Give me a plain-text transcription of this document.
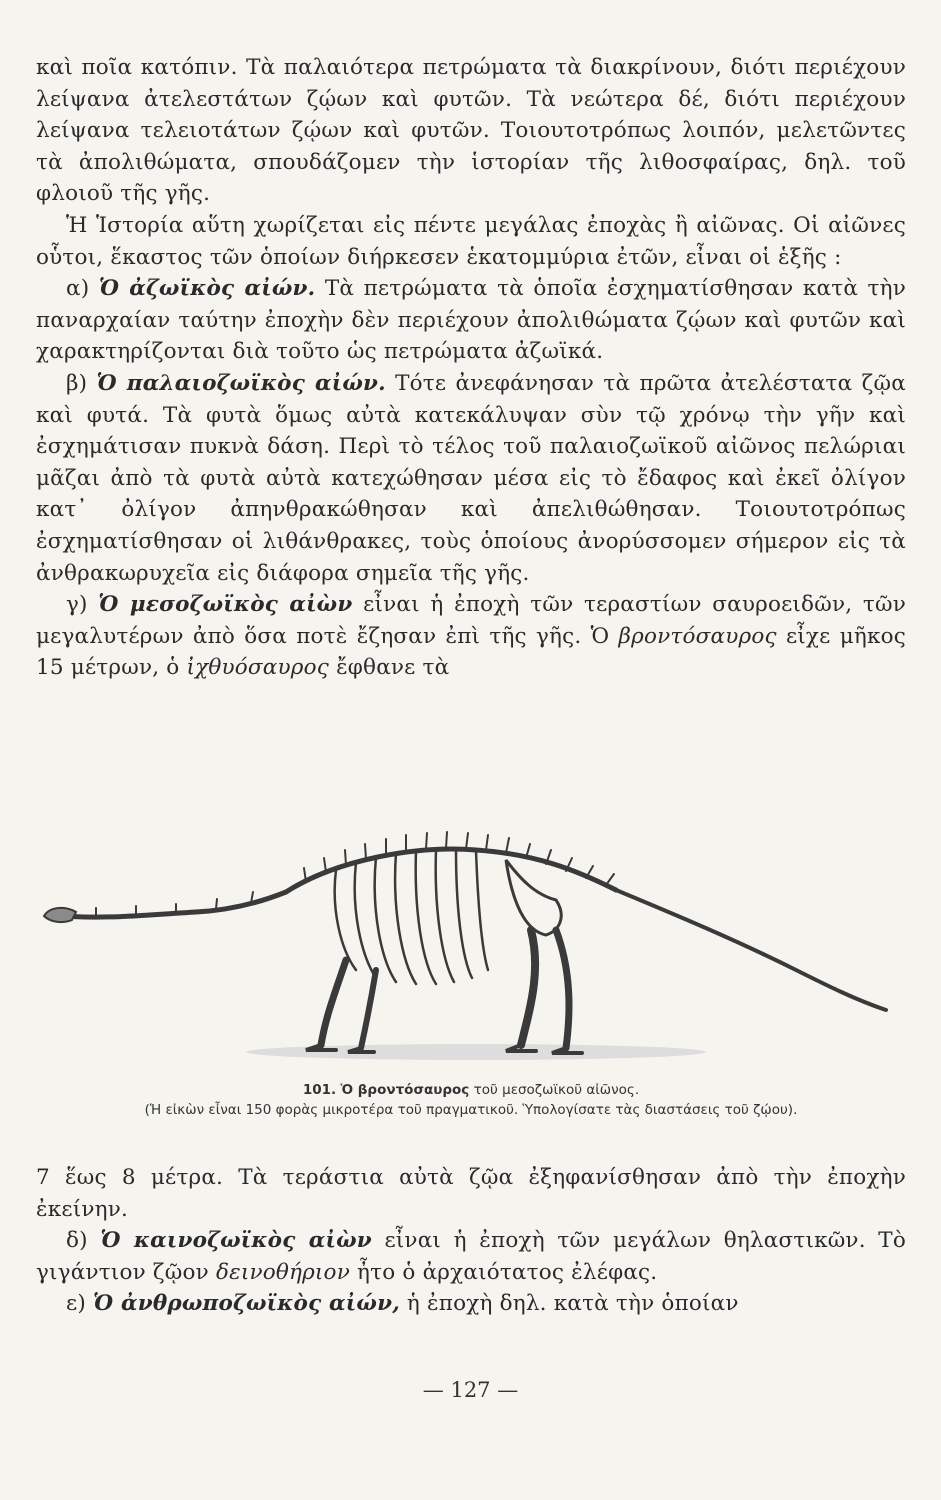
καὶ ποῖα κατόπιν. Τὰ παλαιότερα πετρώματα τὰ διακρίνουν, διότι περιέχουν λείψανα ἀτελεστάτων ζῴων καὶ φυτῶν. Τὰ νεώτερα δέ, διότι περιέχουν λείψανα τελειοτάτων ζῴων καὶ φυτῶν. Τοιουτοτρόπως λοιπόν, μελετῶντες τὰ ἀπολιθώματα, σπουδάζομεν τὴν ἱστορίαν τῆς λιθοσφαίρας, δηλ. τοῦ φλοιοῦ τῆς γῆς.

Ἡ Ἱστορία αὕτη χωρίζεται εἰς πέντε μεγάλας ἐποχὰς ἢ αἰῶνας. Οἱ αἰῶνες οὗτοι, ἕκαστος τῶν ὁποίων διήρκεσεν ἑκατομμύρια ἐτῶν, εἶναι οἱ ἑξῆς :

α) Ὁ ἀζωϊκὸς αἰών. Τὰ πετρώματα τὰ ὁποῖα ἐσχηματίσθησαν κατὰ τὴν παναρχαίαν ταύτην ἐποχὴν δὲν περιέχουν ἀπολιθώματα ζῴων καὶ φυτῶν καὶ χαρακτηρίζονται διὰ τοῦτο ὡς πετρώματα ἀζωϊκά.

β) Ὁ παλαιοζωϊκὸς αἰών. Τότε ἀνεφάνησαν τὰ πρῶτα ἀτελέστατα ζῷα καὶ φυτά. Τὰ φυτὰ ὅμως αὐτὰ κατεκάλυψαν σὺν τῷ χρόνῳ τὴν γῆν καὶ ἐσχημάτισαν πυκνὰ δάση. Περὶ τὸ τέλος τοῦ παλαιοζωϊκοῦ αἰῶνος πελώριαι μᾶζαι ἀπὸ τὰ φυτὰ αὐτὰ κατεχώθησαν μέσα εἰς τὸ ἔδαφος καὶ ἐκεῖ ὀλίγον κατ᾿ ὀλίγον ἀπηνθρακώθησαν καὶ ἀπελιθώθησαν. Τοιουτοτρόπως ἐσχηματίσθησαν οἱ λιθάνθρακες, τοὺς ὁποίους ἀνορύσσομεν σήμερον εἰς τὰ ἀνθρακωρυχεῖα εἰς διάφορα σημεῖα τῆς γῆς.

γ) Ὁ μεσοζωϊκὸς αἰὼν εἶναι ἡ ἐποχὴ τῶν τεραστίων σαυροειδῶν, τῶν μεγαλυτέρων ἀπὸ ὅσα ποτὲ ἔζησαν ἐπὶ τῆς γῆς. Ὁ βροντόσαυρος εἶχε μῆκος 15 μέτρων, ὁ ἰχθυόσαυρος ἔφθανε τὰ

101. Ὁ βροντόσαυρος τοῦ μεσοζωϊκοῦ αἰῶνος.
(Ἡ εἰκὼν εἶναι 150 φορὰς μικροτέρα τοῦ πραγματικοῦ. Ὑπολογίσατε τὰς διαστάσεις τοῦ ζῴου).

7 ἕως 8 μέτρα. Τὰ τεράστια αὐτὰ ζῷα ἐξηφανίσθησαν ἀπὸ τὴν ἐποχὴν ἐκείνην.

δ) Ὁ καινοζωϊκὸς αἰὼν εἶναι ἡ ἐποχὴ τῶν μεγάλων θηλαστικῶν. Τὸ γιγάντιον ζῷον δεινοθήριον ἦτο ὁ ἀρχαιότατος ἐλέφας.

ε) Ὁ ἀνθρωποζωϊκὸς αἰών, ἡ ἐποχὴ δηλ. κατὰ τὴν ὁποίαν

— 127 —
